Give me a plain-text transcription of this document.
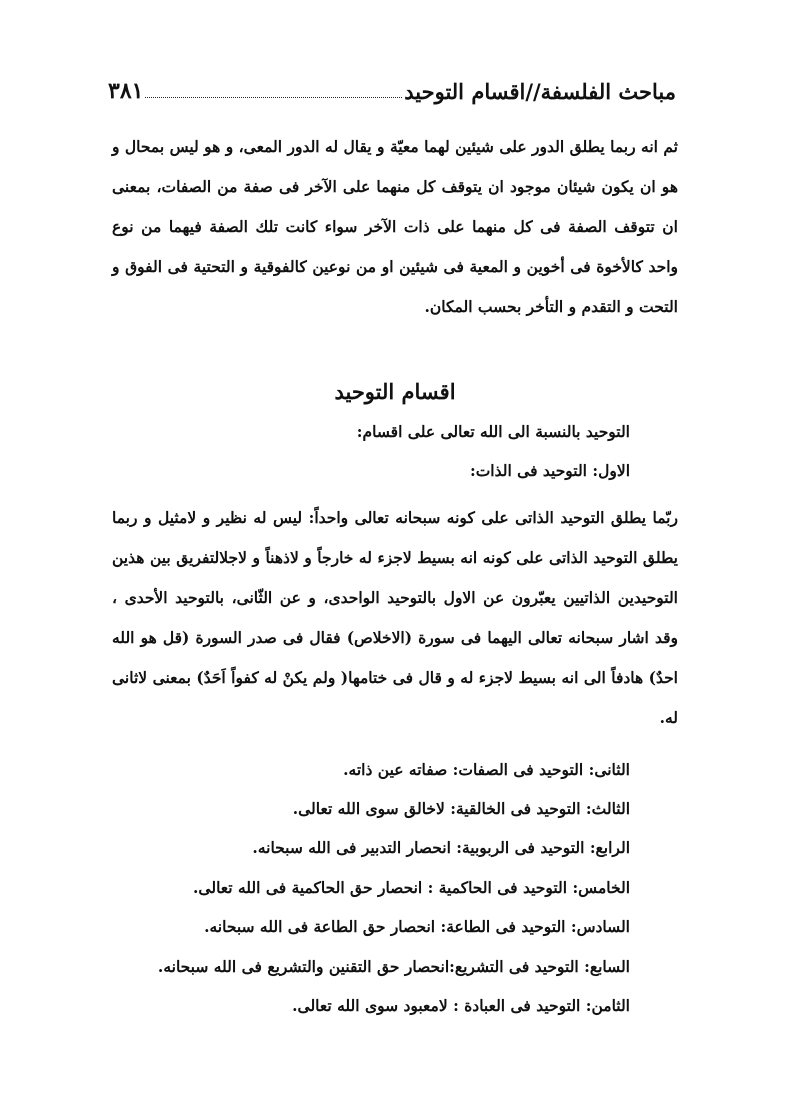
مباحث الفلسفة//اقسام التوحيد
٣٨١
ثم انه ربما يطلق الدور على شيئين لهما معيّة و يقال له الدور المعى، و هو ليس بمحال و هو ان يكون شيئان موجود ان يتوقف كل منهما على الآخر فى صفة من الصفات، بمعنى ان تتوقف الصفة فى كل منهما على ذات الآخر سواء كانت تلك الصفة فيهما من نوع واحد كالأخوة فى أخوين و المعية فى شيئين او من نوعين كالفوقية و التحتية فى الفوق و التحت و التقدم و التأخر بحسب المكان.
اقسام التوحيد
التوحيد بالنسبة الى الله تعالى على اقسام:
الاول: التوحيد فى الذات:
ربّما يطلق التوحيد الذاتى على كونه سبحانه تعالى واحداً: ليس له نظير و لامثيل و ربما يطلق التوحيد الذاتى على كونه انه بسيط لاجزء له خارجاً و لاذهناً و لاجلالتفريق بين هذين التوحيدين الذاتيين يعبّرون عن الاول بالتوحيد الواحدى، و عن الثّانى، بالتوحيد الأحدى ، وقد اشار سبحانه تعالى اليهما فى سورة (الاخلاص) فقال فى صدر السورة (قل هو الله احدٌ) هادفاً الى انه بسيط لاجزء له و قال فى ختامها( ولم يكنْ له كفواً اَحَدٌ) بمعنى لاثانى له.
الثانى: التوحيد فى الصفات: صفاته عين ذاته.
الثالث: التوحيد فى الخالقية: لاخالق سوى الله تعالى.
الرابع: التوحيد فى الربوبية: انحصار التدبير فى الله سبحانه.
الخامس: التوحيد فى الحاكمية : انحصار حق الحاكمية فى الله تعالى.
السادس: التوحيد فى الطاعة: انحصار حق الطاعة فى الله سبحانه.
السابع: التوحيد فى التشريع:انحصار حق التقنين والتشريع فى الله سبحانه.
الثامن: التوحيد فى العبادة : لامعبود سوى الله تعالى.
